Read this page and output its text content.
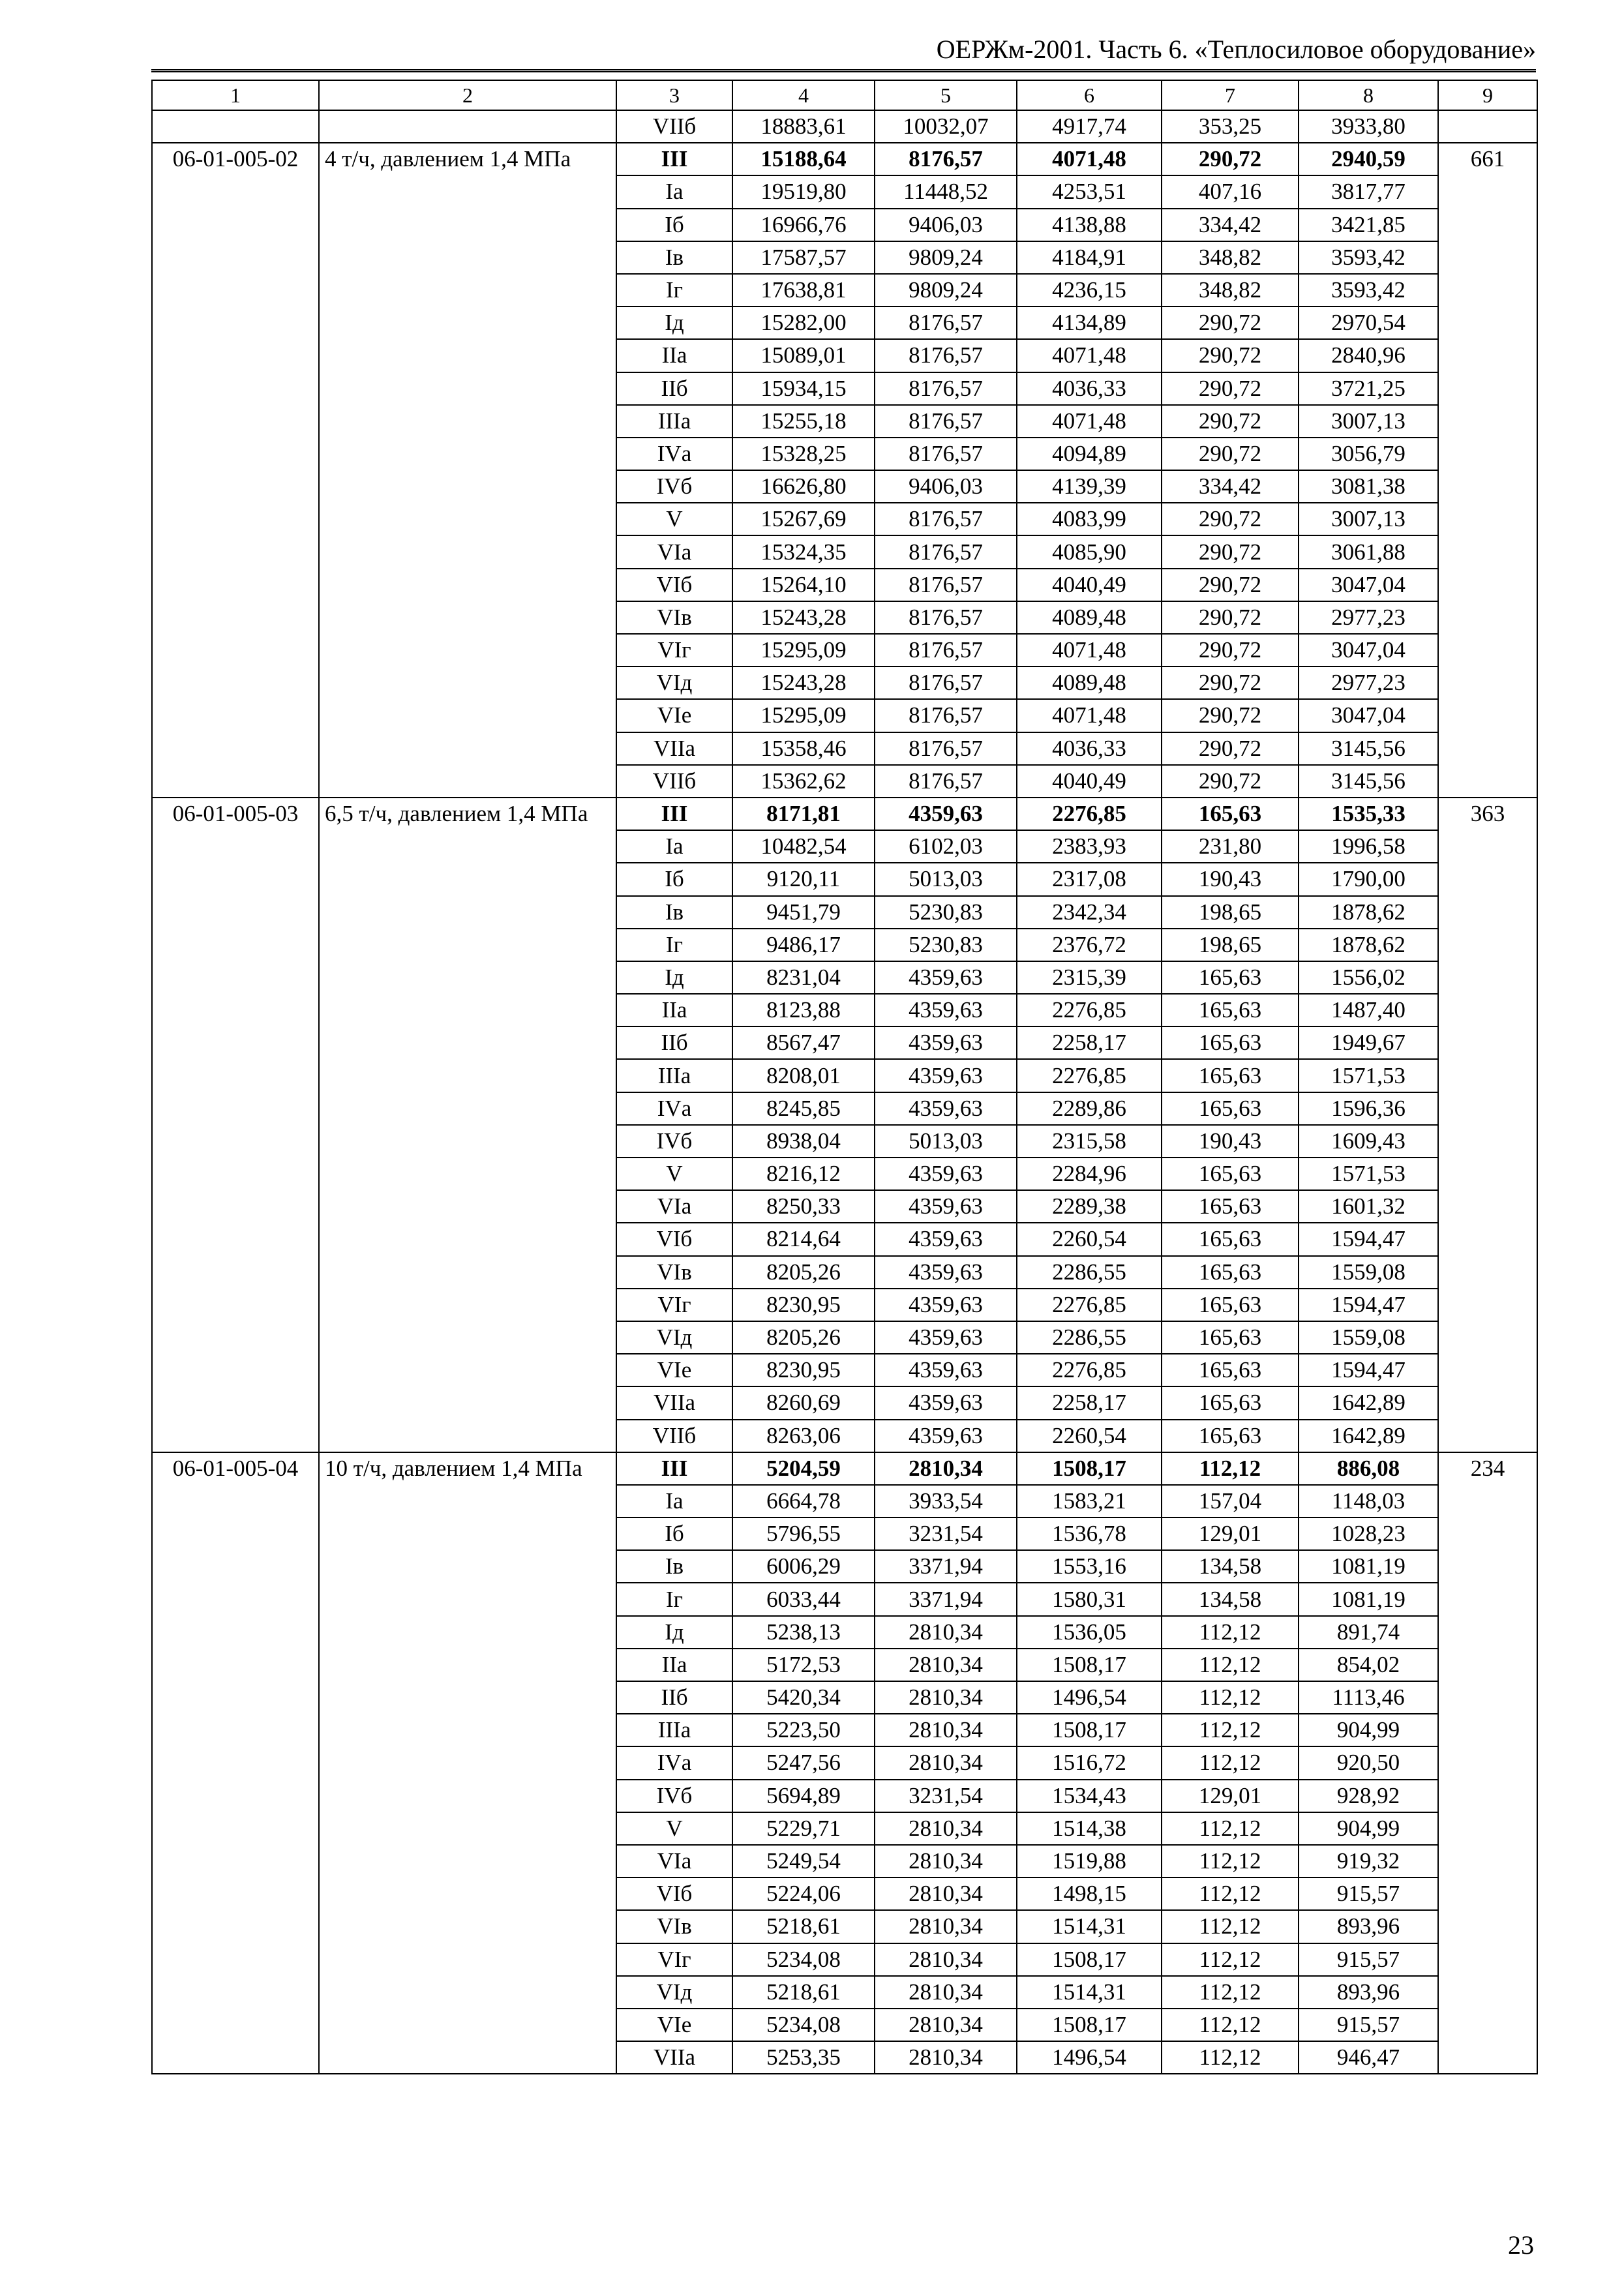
ОЕРЖм-2001. Часть 6. «Теплосиловое оборудование»
1	2	3	4	5	6	7	8	9
		VIIб	18883,61	10032,07	4917,74	353,25	3933,80	
06-01-005-02	4 т/ч, давлением 1,4 МПа	III	15188,64	8176,57	4071,48	290,72	2940,59	661
		Iа	19519,80	11448,52	4253,51	407,16	3817,77	
		Iб	16966,76	9406,03	4138,88	334,42	3421,85	
		Iв	17587,57	9809,24	4184,91	348,82	3593,42	
		Iг	17638,81	9809,24	4236,15	348,82	3593,42	
		Iд	15282,00	8176,57	4134,89	290,72	2970,54	
		IIа	15089,01	8176,57	4071,48	290,72	2840,96	
		IIб	15934,15	8176,57	4036,33	290,72	3721,25	
		IIIа	15255,18	8176,57	4071,48	290,72	3007,13	
		IVа	15328,25	8176,57	4094,89	290,72	3056,79	
		IVб	16626,80	9406,03	4139,39	334,42	3081,38	
		V	15267,69	8176,57	4083,99	290,72	3007,13	
		VIа	15324,35	8176,57	4085,90	290,72	3061,88	
		VIб	15264,10	8176,57	4040,49	290,72	3047,04	
		VIв	15243,28	8176,57	4089,48	290,72	2977,23	
		VIг	15295,09	8176,57	4071,48	290,72	3047,04	
		VIд	15243,28	8176,57	4089,48	290,72	2977,23	
		VIе	15295,09	8176,57	4071,48	290,72	3047,04	
		VIIа	15358,46	8176,57	4036,33	290,72	3145,56	
		VIIб	15362,62	8176,57	4040,49	290,72	3145,56	
06-01-005-03	6,5 т/ч, давлением 1,4 МПа	III	8171,81	4359,63	2276,85	165,63	1535,33	363
		Iа	10482,54	6102,03	2383,93	231,80	1996,58	
		Iб	9120,11	5013,03	2317,08	190,43	1790,00	
		Iв	9451,79	5230,83	2342,34	198,65	1878,62	
		Iг	9486,17	5230,83	2376,72	198,65	1878,62	
		Iд	8231,04	4359,63	2315,39	165,63	1556,02	
		IIа	8123,88	4359,63	2276,85	165,63	1487,40	
		IIб	8567,47	4359,63	2258,17	165,63	1949,67	
		IIIа	8208,01	4359,63	2276,85	165,63	1571,53	
		IVа	8245,85	4359,63	2289,86	165,63	1596,36	
		IVб	8938,04	5013,03	2315,58	190,43	1609,43	
		V	8216,12	4359,63	2284,96	165,63	1571,53	
		VIа	8250,33	4359,63	2289,38	165,63	1601,32	
		VIб	8214,64	4359,63	2260,54	165,63	1594,47	
		VIв	8205,26	4359,63	2286,55	165,63	1559,08	
		VIг	8230,95	4359,63	2276,85	165,63	1594,47	
		VIд	8205,26	4359,63	2286,55	165,63	1559,08	
		VIе	8230,95	4359,63	2276,85	165,63	1594,47	
		VIIа	8260,69	4359,63	2258,17	165,63	1642,89	
		VIIб	8263,06	4359,63	2260,54	165,63	1642,89	
06-01-005-04	10 т/ч, давлением 1,4 МПа	III	5204,59	2810,34	1508,17	112,12	886,08	234
		Iа	6664,78	3933,54	1583,21	157,04	1148,03	
		Iб	5796,55	3231,54	1536,78	129,01	1028,23	
		Iв	6006,29	3371,94	1553,16	134,58	1081,19	
		Iг	6033,44	3371,94	1580,31	134,58	1081,19	
		Iд	5238,13	2810,34	1536,05	112,12	891,74	
		IIа	5172,53	2810,34	1508,17	112,12	854,02	
		IIб	5420,34	2810,34	1496,54	112,12	1113,46	
		IIIа	5223,50	2810,34	1508,17	112,12	904,99	
		IVа	5247,56	2810,34	1516,72	112,12	920,50	
		IVб	5694,89	3231,54	1534,43	129,01	928,92	
		V	5229,71	2810,34	1514,38	112,12	904,99	
		VIа	5249,54	2810,34	1519,88	112,12	919,32	
		VIб	5224,06	2810,34	1498,15	112,12	915,57	
		VIв	5218,61	2810,34	1514,31	112,12	893,96	
		VIг	5234,08	2810,34	1508,17	112,12	915,57	
		VIд	5218,61	2810,34	1514,31	112,12	893,96	
		VIе	5234,08	2810,34	1508,17	112,12	915,57	
		VIIа	5253,35	2810,34	1496,54	112,12	946,47	
23
